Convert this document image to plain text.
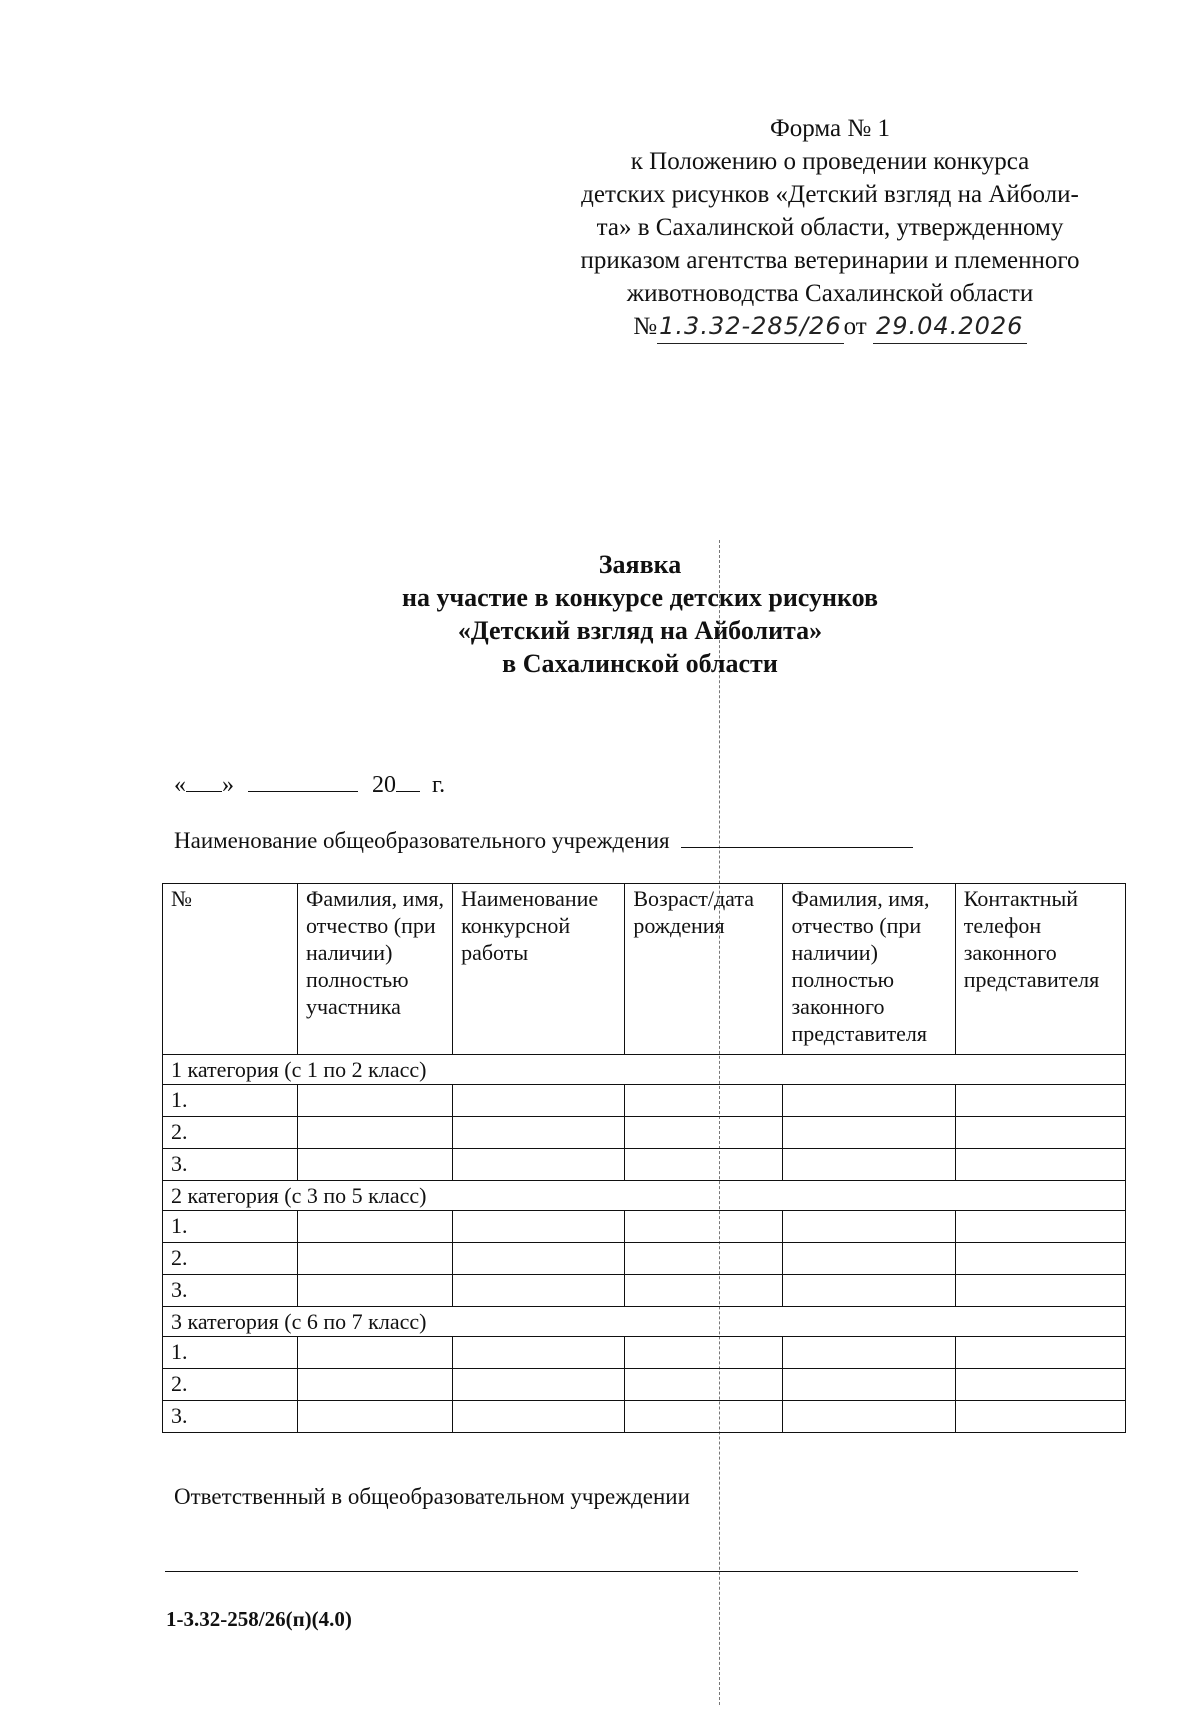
Форма № 1
к Положению о проведении конкурса
детских рисунков «Детский взгляд на Айболи-
та» в Сахалинской области, утвержденному
приказом агентства ветеринарии и племенного
животноводства Сахалинской области
№1.3.32-285/26от 29.04.2026
Заявка
на участие в конкурсе детских рисунков
«Детский взгляд на Айболита»
в Сахалинской области
« »	20 г.
Наименование общеобразовательного учреждения
№	Фамилия, имя, отчество (при наличии) полностью участника	Наименование конкурсной работы	Возраст/дата рождения	Фамилия, имя, отчество (при наличии) полностью законного представителя	Контактный телефон законного представителя
1 категория (с 1 по 2 класс)					
1.					
2.					
3.					
2 категория (с 3 по 5 класс)					
1.					
2.					
3.					
3 категория (с 6 по 7 класс)					
1.					
2.					
3.					
Ответственный в общеобразовательном учреждении
1-3.32-258/26(п)(4.0)
